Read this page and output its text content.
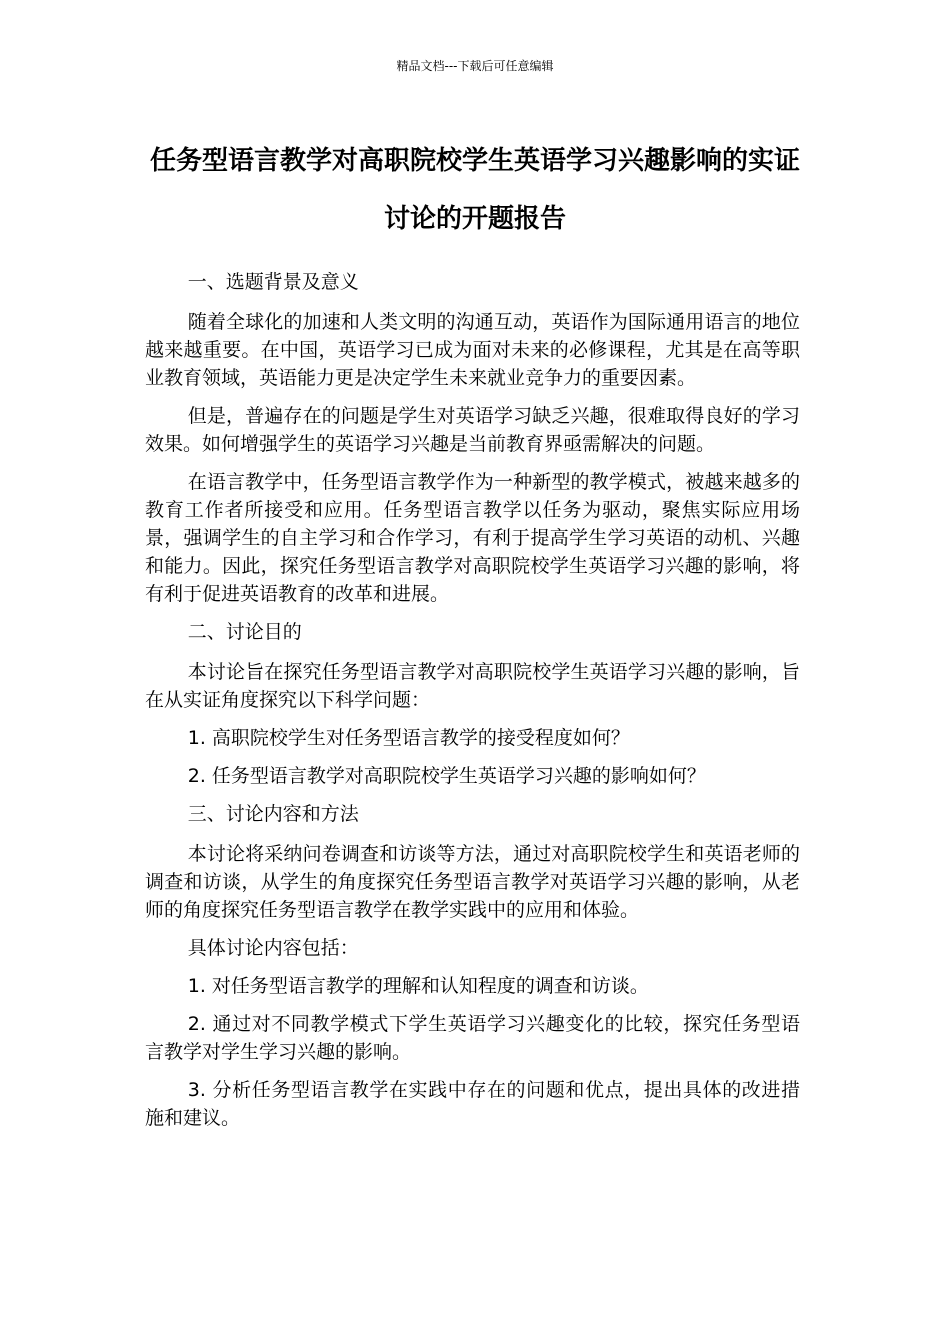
精品文档---下载后可任意编辑
任务型语言教学对高职院校学生英语学习兴趣影响的实证讨论的开题报告

一、选题背景及意义

随着全球化的加速和人类文明的沟通互动，英语作为国际通用语言的地位越来越重要。在中国，英语学习已成为面对未来的必修课程，尤其是在高等职业教育领域，英语能力更是决定学生未来就业竞争力的重要因素。

但是，普遍存在的问题是学生对英语学习缺乏兴趣，很难取得良好的学习效果。如何增强学生的英语学习兴趣是当前教育界亟需解决的问题。

在语言教学中，任务型语言教学作为一种新型的教学模式，被越来越多的教育工作者所接受和应用。任务型语言教学以任务为驱动，聚焦实际应用场景，强调学生的自主学习和合作学习，有利于提高学生学习英语的动机、兴趣和能力。因此，探究任务型语言教学对高职院校学生英语学习兴趣的影响，将有利于促进英语教育的改革和进展。

二、讨论目的

本讨论旨在探究任务型语言教学对高职院校学生英语学习兴趣的影响，旨在从实证角度探究以下科学问题：

1. 高职院校学生对任务型语言教学的接受程度如何？

2. 任务型语言教学对高职院校学生英语学习兴趣的影响如何？

三、讨论内容和方法

本讨论将采纳问卷调查和访谈等方法，通过对高职院校学生和英语老师的调查和访谈，从学生的角度探究任务型语言教学对英语学习兴趣的影响，从老师的角度探究任务型语言教学在教学实践中的应用和体验。

具体讨论内容包括：

1. 对任务型语言教学的理解和认知程度的调查和访谈。

2. 通过对不同教学模式下学生英语学习兴趣变化的比较，探究任务型语言教学对学生学习兴趣的影响。

3. 分析任务型语言教学在实践中存在的问题和优点，提出具体的改进措施和建议。
